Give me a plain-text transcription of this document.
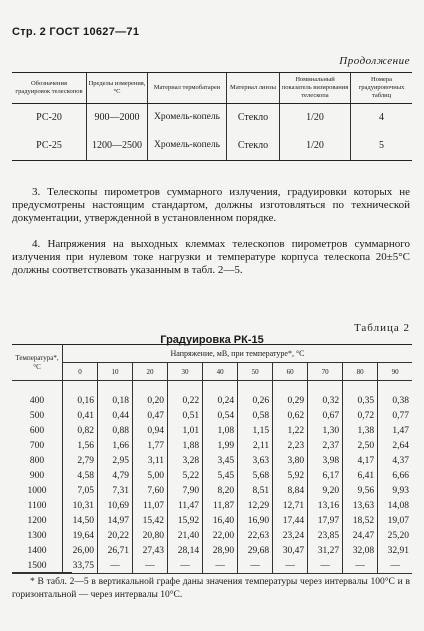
Стр. 2 ГОСТ 10627—71
Продолжение
Обозначения градуировок телескопов	Пределы измерения, °С	Материал термобатареи	Материал линзы	Номинальный показатель визирования телескопа	Номера градуировочных таблиц
РС-20	900—2000	Хромель-копель	Стекло	1/20	4
РС-25	1200—2500	Хромель-копель	Стекло	1/20	5

3. Телескопы пирометров суммарного излучения, градуировки которых не предусмотрены настоящим стандартом, должны изготовляться по технической документации, утвержденной в установленном порядке.

4. Напряжения на выходных клеммах телескопов пирометров суммарного излучения при нулевом токе нагрузки и температуре корпуса телескопа 20±5°С должны соответствовать указанным в табл. 2—5.

Таблица 2
Градуировка РК-15
Температура*, °С	Напряжение, мВ, при температуре*, °С									
	0	10	20	30	40	50	60	70	80	90
400	0,16	0,18	0,20	0,22	0,24	0,26	0,29	0,32	0,35	0,38
500	0,41	0,44	0,47	0,51	0,54	0,58	0,62	0,67	0,72	0,77
600	0,82	0,88	0,94	1,01	1,08	1,15	1,22	1,30	1,38	1,47
700	1,56	1,66	1,77	1,88	1,99	2,11	2,23	2,37	2,50	2,64
800	2,79	2,95	3,11	3,28	3,45	3,63	3,80	3,98	4,17	4,37
900	4,58	4,79	5,00	5,22	5,45	5,68	5,92	6,17	6,41	6,66
1000	7,05	7,31	7,60	7,90	8,20	8,51	8,84	9,20	9,56	9,93
1100	10,31	10,69	11,07	11,47	11,87	12,29	12,71	13,16	13,63	14,08
1200	14,50	14,97	15,42	15,92	16,40	16,90	17,44	17,97	18,52	19,07
1300	19,64	20,22	20,80	21,40	22,00	22,63	23,24	23,85	24,47	25,20
1400	26,00	26,71	27,43	28,14	28,90	29,68	30,47	31,27	32,08	32,91
1500	33,75	—	—	—	—	—	—	—	—	—

* В табл. 2—5 в вертикальной графе даны значения температуры через интервалы 100°С и в горизонтальной — через интервалы 10°С.
